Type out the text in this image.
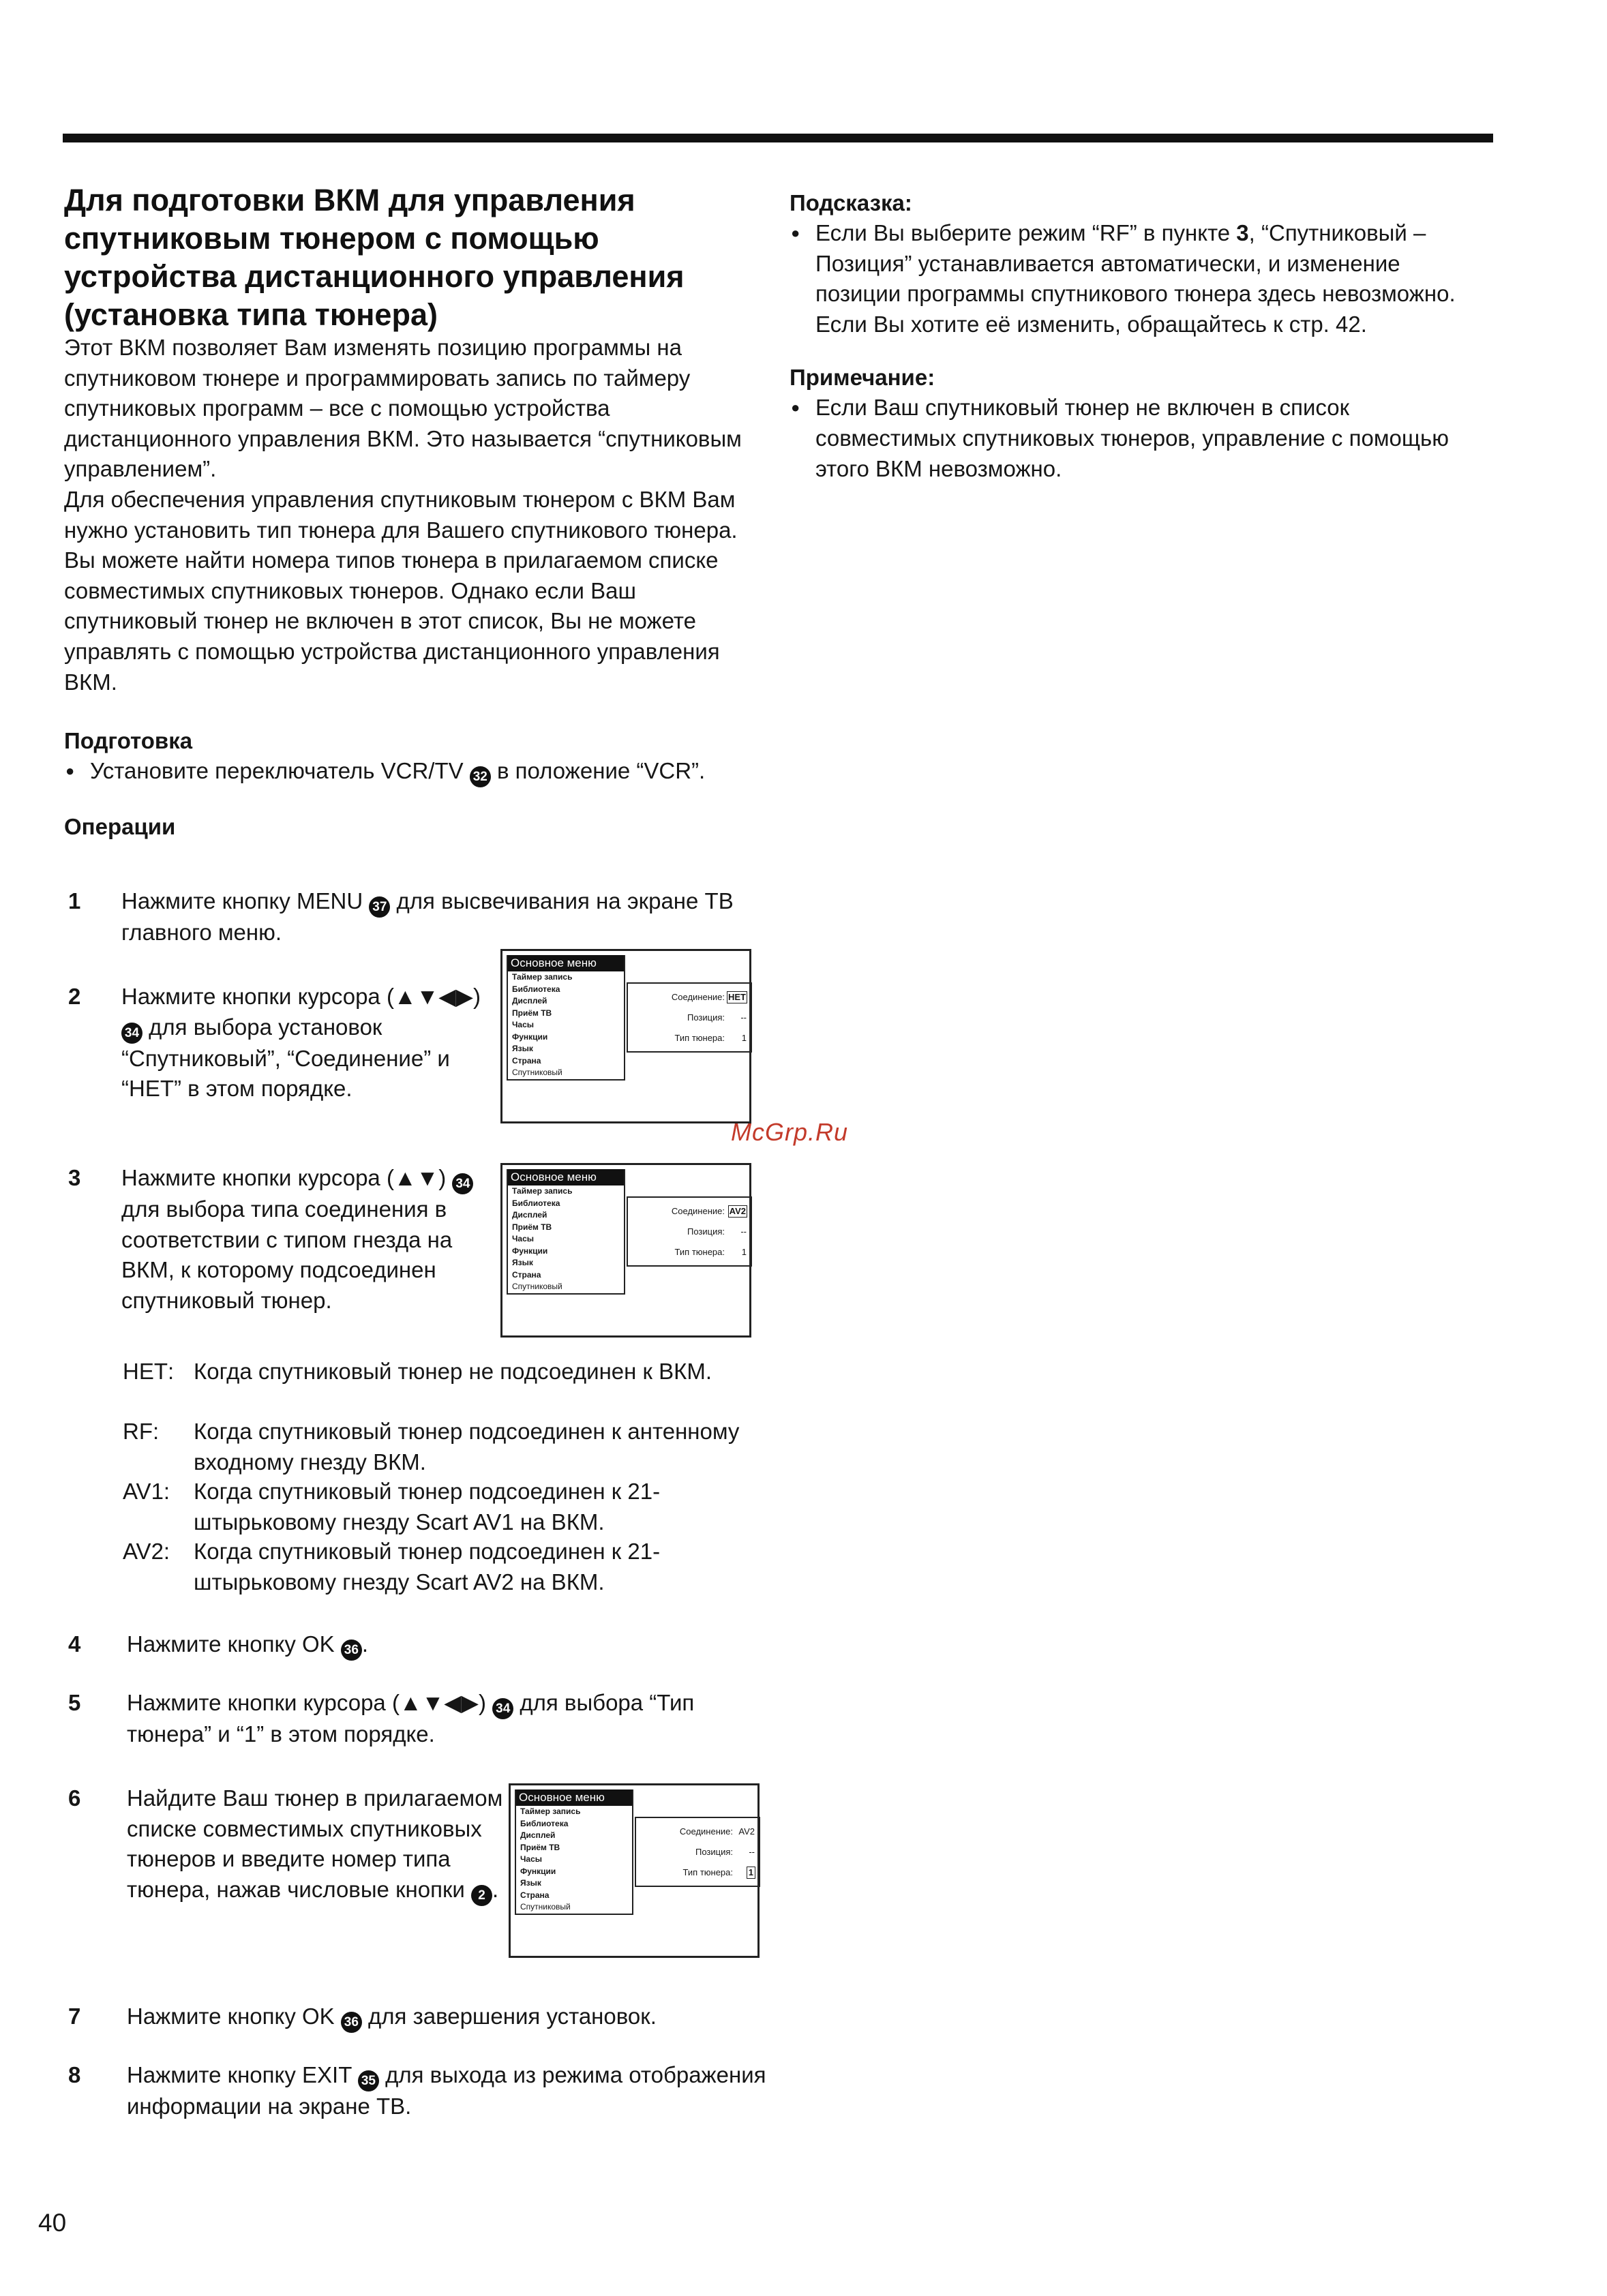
Для подготовки ВКМ для управления спутниковым тюнером с помощью устройства дистанционного управления (установка типа тюнера)

Этот ВКМ позволяет Вам изменять позицию программы на спутниковом тюнере и программировать запись по таймеру спутниковых программ – все с помощью устройства дистанционного управления ВКМ. Это называется “спутниковым управлением”.

Для обеспечения управления спутниковым тюнером с ВКМ Вам нужно установить тип тюнера для Вашего спутникового тюнера. Вы можете найти номера типов тюнера в прилагаемом списке совместимых спутниковых тюнеров. Однако если Ваш спутниковый тюнер не включен в этот список, Вы не можете управлять с помощью устройства дистанционного управления ВКМ.

Подготовка
● Установите переключатель VCR/TV 32 в положение “VCR”.
Операции
1 Нажмите кнопку MENU 37 для высвечивания на экране ТВ главного меню.
2 Нажмите кнопки курсора (▲▼◀▶) 34 для выбора установок “Спутниковый”, “Соединение” и “НЕТ” в этом порядке.
3 Нажмите кнопки курсора (▲▼) 34 для выбора типа соединения в соответствии с типом гнезда на ВКМ, к которому подсоединен спутниковый тюнер.
НЕТ: Когда спутниковый тюнер не подсоединен к ВКМ.
RF: Когда спутниковый тюнер подсоединен к антенному входному гнезду ВКМ.
AV1: Когда спутниковый тюнер подсоединен к 21-штырьковому гнезду Scart AV1 на ВКМ.
AV2: Когда спутниковый тюнер подсоединен к 21-штырьковому гнезду Scart AV2 на ВКМ.
4 Нажмите кнопку OK 36 .
5 Нажмите кнопки курсора (▲▼◀▶) 34 для выбора “Тип тюнера” и “1” в этом порядке.
6 Найдите Ваш тюнер в прилагаемом списке совместимых спутниковых тюнеров и введите номер типа тюнера, нажав числовые кнопки 2 .
7 Нажмите кнопку OK 36 для завершения установок.
8 Нажмите кнопку EXIT 35 для выхода из режима отображения информации на экране ТВ.
Основное меню
Таймер запись
Библиотека
Дисплей
Приём ТВ
Часы
Функции
Язык
Страна
Спутниковый
Соединение: НЕТ
Позиция: --
Тип тюнера: 1
Основное меню
Таймер запись
Библиотека
Дисплей
Приём ТВ
Часы
Функции
Язык
Страна
Спутниковый
Соединение: AV2
Позиция: --
Тип тюнера: 1
Основное меню
Таймер запись
Библиотека
Дисплей
Приём ТВ
Часы
Функции
Язык
Страна
Спутниковый
Соединение: AV2
Позиция: --
Тип тюнера: 1
Подсказка:
● Если Вы выберите режим “RF” в пункте 3, “Спутниковый – Позиция” устанавливается автоматически, и изменение позиции программы спутникового тюнера здесь невозможно. Если Вы хотите её изменить, обращайтесь к стр. 42.
Примечание:
● Если Ваш спутниковый тюнер не включен в список совместимых спутниковых тюнеров, управление с помощью этого ВКМ невозможно.
McGrp.Ru
40
